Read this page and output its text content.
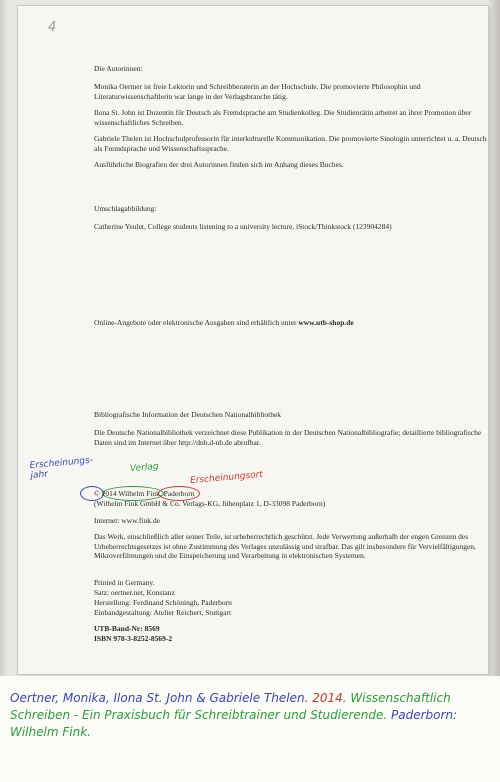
4

Die Autorinnen:

Monika Oertner ist freie Lektorin und Schreibberaterin an der Hochschule. Die promovierte Philosophin und Literaturwissenschaftlerin war lange in der Verlagsbranche tätig.

Ilona St. John ist Dozentin für Deutsch als Fremdsprache am Studienkolleg. Die Studienrätin arbeitet an ihrer Promotion über wissenschaftliches Schreiben.

Gabriele Thelen ist Hochschulprofessorin für interkulturelle Kommunikation. Die promovierte Sinologin unterrichtet u. a. Deutsch als Fremdsprache und Wissenschaftssprache.

Ausführliche Biografien der drei Autorinnen finden sich im Anhang dieses Buches.

Umschlagabbildung:

Catherine Yeulet, College students listening to a university lecture, iStock/Thinkstock (123904284)

Online-Angebote oder elektronische Ausgaben sind erhältlich unter www.utb-shop.de

Bibliografische Information der Deutschen Nationalbibliothek

Die Deutsche Nationalbibliothek verzeichnet diese Publikation in der Deutschen Nationalbibliografie; detaillierte bibliografische Daten sind im Internet über http://dnb.d-nb.de abrufbar.

Erscheinungs-jahr
Verlag
Erscheinungsort

© 2014 Wilhelm Fink, Paderborn

(Wilhelm Fink GmbH & Co. Verlags-KG, Jühenplatz 1, D-33098 Paderborn)

Internet: www.fink.de

Das Werk, einschließlich aller seiner Teile, ist urheberrechtlich geschützt. Jede Verwertung außerhalb der engen Grenzen des Urheberrechtsgesetzes ist ohne Zustimmung des Verlages unzulässig und strafbar. Das gilt insbesondere für Vervielfältigungen, Mikroverfilmungen und die Einspeicherung und Verarbeitung in elektronischen Systemen.

Printed in Germany.

Satz: oertner.net, Konstanz

Herstellung: Ferdinand Schöningh, Paderborn

Einbandgestaltung: Atelier Reichert, Stuttgart

UTB-Band-Nr: 8569

ISBN 978-3-8252-8569-2

Oertner, Monika, Ilona St. John & Gabriele Thelen. 2014. Wissenschaftlich Schreiben - Ein Praxisbuch für Schreibtrainer und Studierende. Paderborn: Wilhelm Fink.
